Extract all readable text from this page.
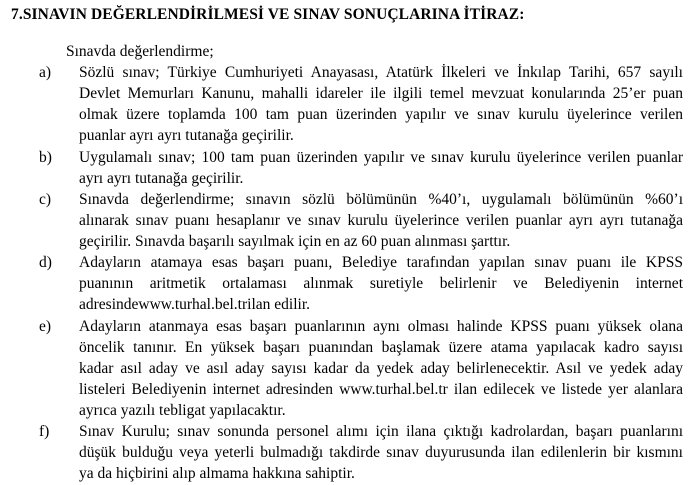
7.SINAVIN DEĞERLENDİRİLMESİ VE SINAV SONUÇLARINA İTİRAZ:
Sınavda değerlendirme;
a) Sözlü sınav; Türkiye Cumhuriyeti Anayasası, Atatürk İlkeleri ve İnkılap Tarihi, 657 sayılı
Devlet Memurları Kanunu, mahalli idareler ile ilgili temel mevzuat konularında 25’er puan
olmak üzere toplamda 100 tam puan üzerinden yapılır ve sınav kurulu üyelerince verilen
puanlar ayrı ayrı tutanağa geçirilir.
b) Uygulamalı sınav; 100 tam puan üzerinden yapılır ve sınav kurulu üyelerince verilen puanlar
ayrı ayrı tutanağa geçirilir.
c) Sınavda değerlendirme; sınavın sözlü bölümünün %40’ı, uygulamalı bölümünün %60’ı
alınarak sınav puanı hesaplanır ve sınav kurulu üyelerince verilen puanlar ayrı ayrı tutanağa
geçirilir. Sınavda başarılı sayılmak için en az 60 puan alınması şarttır.
d) Adayların atamaya esas başarı puanı, Belediye tarafından yapılan sınav puanı ile KPSS
puanının aritmetik ortalaması alınmak suretiyle belirlenir ve Belediyenin internet
adresindewww.turhal.bel.trilan edilir.
e) Adayların atanmaya esas başarı puanlarının aynı olması halinde KPSS puanı yüksek olana
öncelik tanınır. En yüksek başarı puanından başlamak üzere atama yapılacak kadro sayısı
kadar asıl aday ve asıl aday sayısı kadar da yedek aday belirlenecektir. Asıl ve yedek aday
listeleri Belediyenin internet adresinden www.turhal.bel.tr ilan edilecek ve listede yer alanlara
ayrıca yazılı tebligat yapılacaktır.
f) Sınav Kurulu; sınav sonunda personel alımı için ilana çıktığı kadrolardan, başarı puanlarını
düşük bulduğu veya yeterli bulmadığı takdirde sınav duyurusunda ilan edilenlerin bir kısmını
ya da hiçbirini alıp almama hakkına sahiptir.
